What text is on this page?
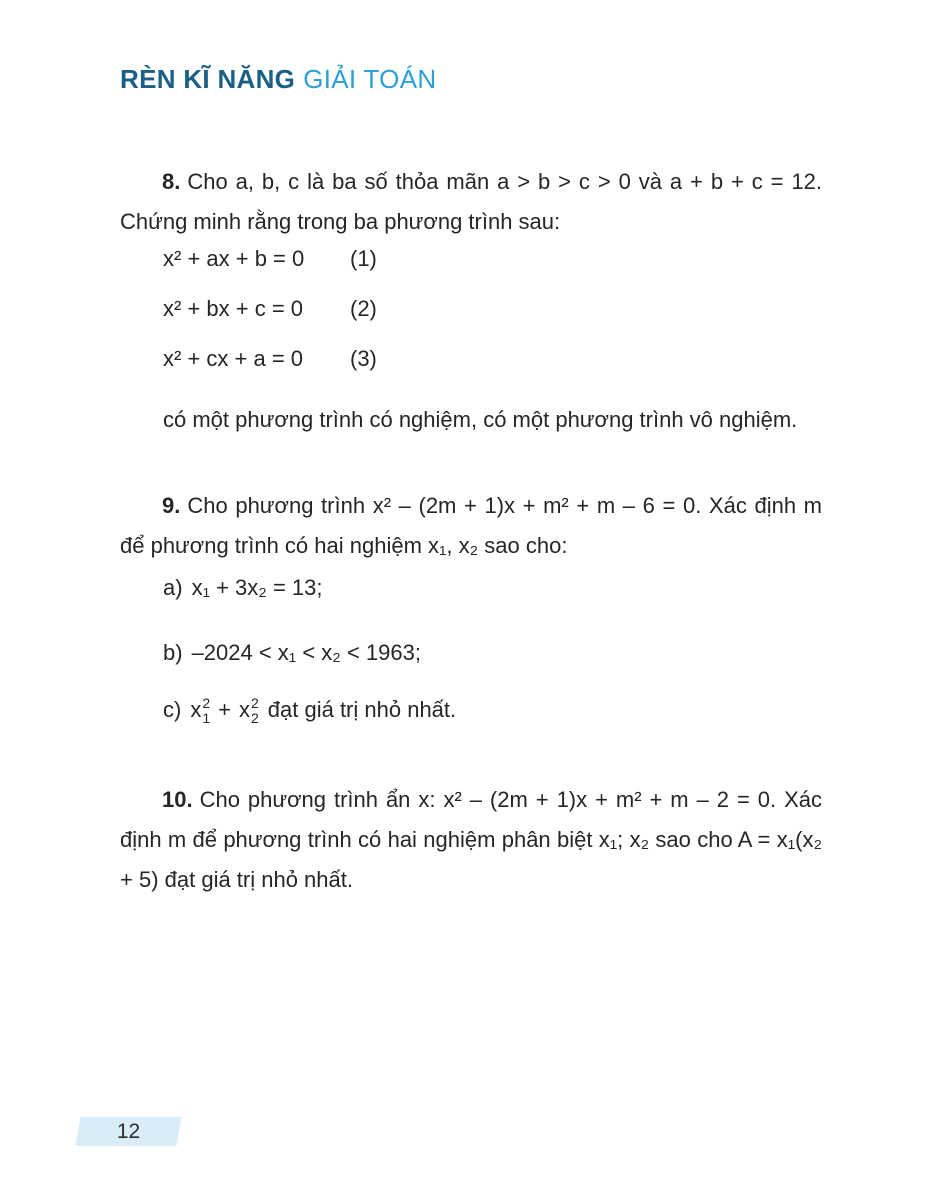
RÈN KĨ NĂNG GIẢI TOÁN

8. Cho a, b, c là ba số thỏa mãn a > b > c > 0 và a + b + c = 12. Chứng minh rằng trong ba phương trình sau:

x² + ax + b = 0	(1)
x² + bx + c = 0	(2)
x² + cx + a = 0	(3)
có một phương trình có nghiệm, có một phương trình vô nghiệm.

9. Cho phương trình x² – (2m + 1)x + m² + m – 6 = 0. Xác định m để phương trình có hai nghiệm x₁, x₂ sao cho:

a) x₁ + 3x₂ = 13;
b) –2024 < x₁ < x₂ < 1963;
c) x 2
1 + x 2
2 đạt giá trị nhỏ nhất.

10. Cho phương trình ẩn x: x² – (2m + 1)x + m² + m – 2 = 0. Xác định m để phương trình có hai nghiệm phân biệt x₁; x₂ sao cho A = x₁(x₂ + 5) đạt giá trị nhỏ nhất.

12
